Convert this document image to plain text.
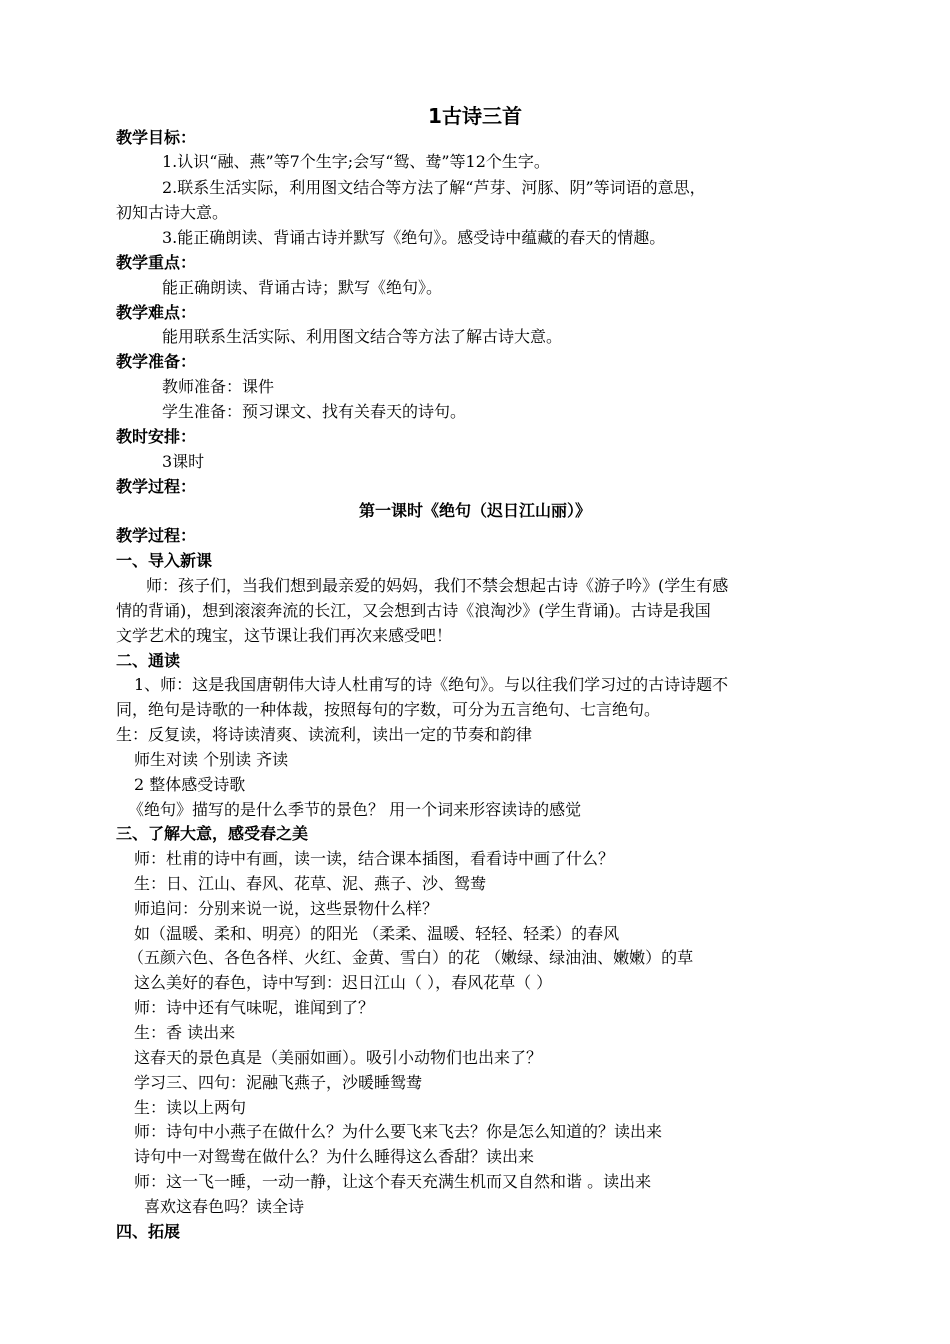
1古诗三首
教学目标：
1.认识“融、燕”等7个生字;会写“鸳、鸯”等12个生字。
2.联系生活实际，利用图文结合等方法了解“芦芽、河豚、阴”等词语的意思，
初知古诗大意。
3.能正确朗读、背诵古诗并默写《绝句》。感受诗中蕴藏的春天的情趣。
教学重点：
能正确朗读、背诵古诗；默写《绝句》。
教学难点：
能用联系生活实际、利用图文结合等方法了解古诗大意。
教学准备：
教师准备：课件
学生准备：预习课文、找有关春天的诗句。
教时安排：
3课时
教学过程：
第一课时《绝句（迟日江山丽）》
教学过程：
一、导入新课
师：孩子们，当我们想到最亲爱的妈妈，我们不禁会想起古诗《游子吟》(学生有感
情的背诵)，想到滚滚奔流的长江，又会想到古诗《浪淘沙》(学生背诵)。古诗是我国
文学艺术的瑰宝，这节课让我们再次来感受吧！
二、通读
1、师：这是我国唐朝伟大诗人杜甫写的诗《绝句》。与以往我们学习过的古诗诗题不
同，绝句是诗歌的一种体裁，按照每句的字数，可分为五言绝句、七言绝句。
生：反复读，将诗读清爽、读流利，读出一定的节奏和韵律
师生对读 个别读 齐读
2 整体感受诗歌
《绝句》描写的是什么季节的景色？ 用一个词来形容读诗的感觉
三、了解大意，感受春之美
师：杜甫的诗中有画，读一读，结合课本插图，看看诗中画了什么？
生：日、江山、春风、花草、泥、燕子、沙、鸳鸯
师追问：分别来说一说，这些景物什么样？
如（温暖、柔和、明亮）的阳光 （柔柔、温暖、轻轻、轻柔）的春风
（五颜六色、各色各样、火红、金黄、雪白）的花 （嫩绿、绿油油、嫩嫩）的草
这么美好的春色，诗中写到：迟日江山（ ），春风花草（ ）
师：诗中还有气味呢，谁闻到了？
生：香 读出来
这春天的景色真是（美丽如画）。吸引小动物们也出来了？
学习三、四句：泥融飞燕子，沙暖睡鸳鸯
生：读以上两句
师：诗句中小燕子在做什么？为什么要飞来飞去？你是怎么知道的？读出来
诗句中一对鸳鸯在做什么？为什么睡得这么香甜？读出来
师：这一飞一睡，一动一静，让这个春天充满生机而又自然和谐 。读出来
喜欢这春色吗？读全诗
四、拓展
